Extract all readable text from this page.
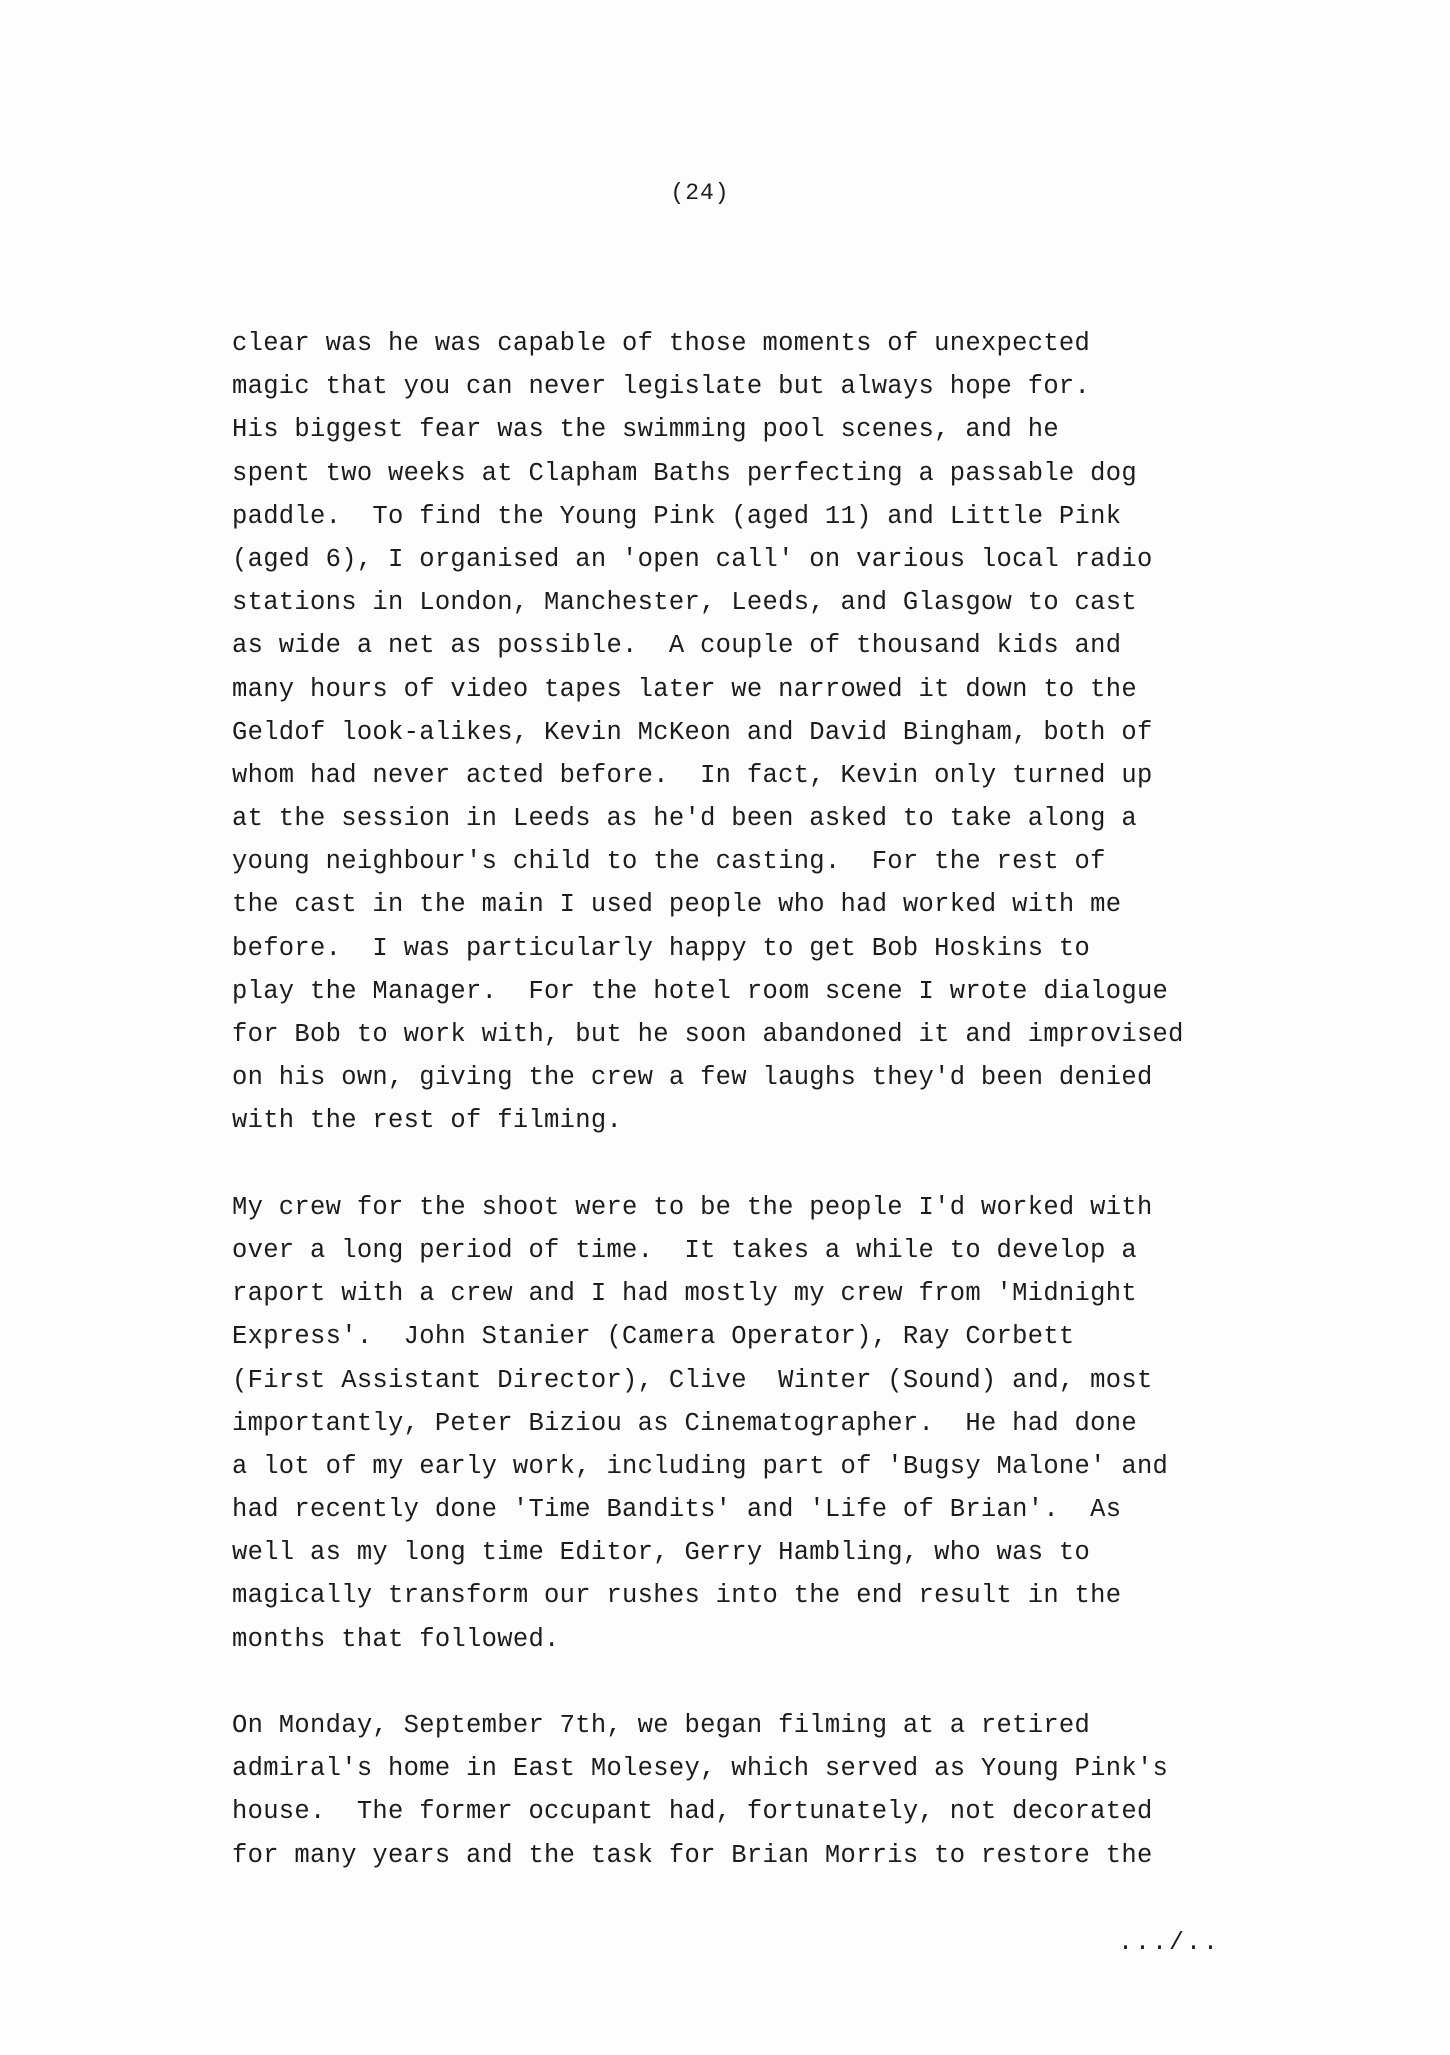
(24)
clear was he was capable of those moments of unexpected
magic that you can never legislate but always hope for.
His biggest fear was the swimming pool scenes, and he
spent two weeks at Clapham Baths perfecting a passable dog
paddle.  To find the Young Pink (aged 11) and Little Pink
(aged 6), I organised an 'open call' on various local radio
stations in London, Manchester, Leeds, and Glasgow to cast
as wide a net as possible.  A couple of thousand kids and
many hours of video tapes later we narrowed it down to the
Geldof look-alikes, Kevin McKeon and David Bingham, both of
whom had never acted before.  In fact, Kevin only turned up
at the session in Leeds as he'd been asked to take along a
young neighbour's child to the casting.  For the rest of
the cast in the main I used people who had worked with me
before.  I was particularly happy to get Bob Hoskins to
play the Manager.  For the hotel room scene I wrote dialogue
for Bob to work with, but he soon abandoned it and improvised
on his own, giving the crew a few laughs they'd been denied
with the rest of filming.
My crew for the shoot were to be the people I'd worked with
over a long period of time.  It takes a while to develop a
raport with a crew and I had mostly my crew from 'Midnight
Express'.  John Stanier (Camera Operator), Ray Corbett
(First Assistant Director), Clive  Winter (Sound) and, most
importantly, Peter Biziou as Cinematographer.  He had done
a lot of my early work, including part of 'Bugsy Malone' and
had recently done 'Time Bandits' and 'Life of Brian'.  As
well as my long time Editor, Gerry Hambling, who was to
magically transform our rushes into the end result in the
months that followed.
On Monday, September 7th, we began filming at a retired
admiral's home in East Molesey, which served as Young Pink's
house.  The former occupant had, fortunately, not decorated
for many years and the task for Brian Morris to restore the
.../..
